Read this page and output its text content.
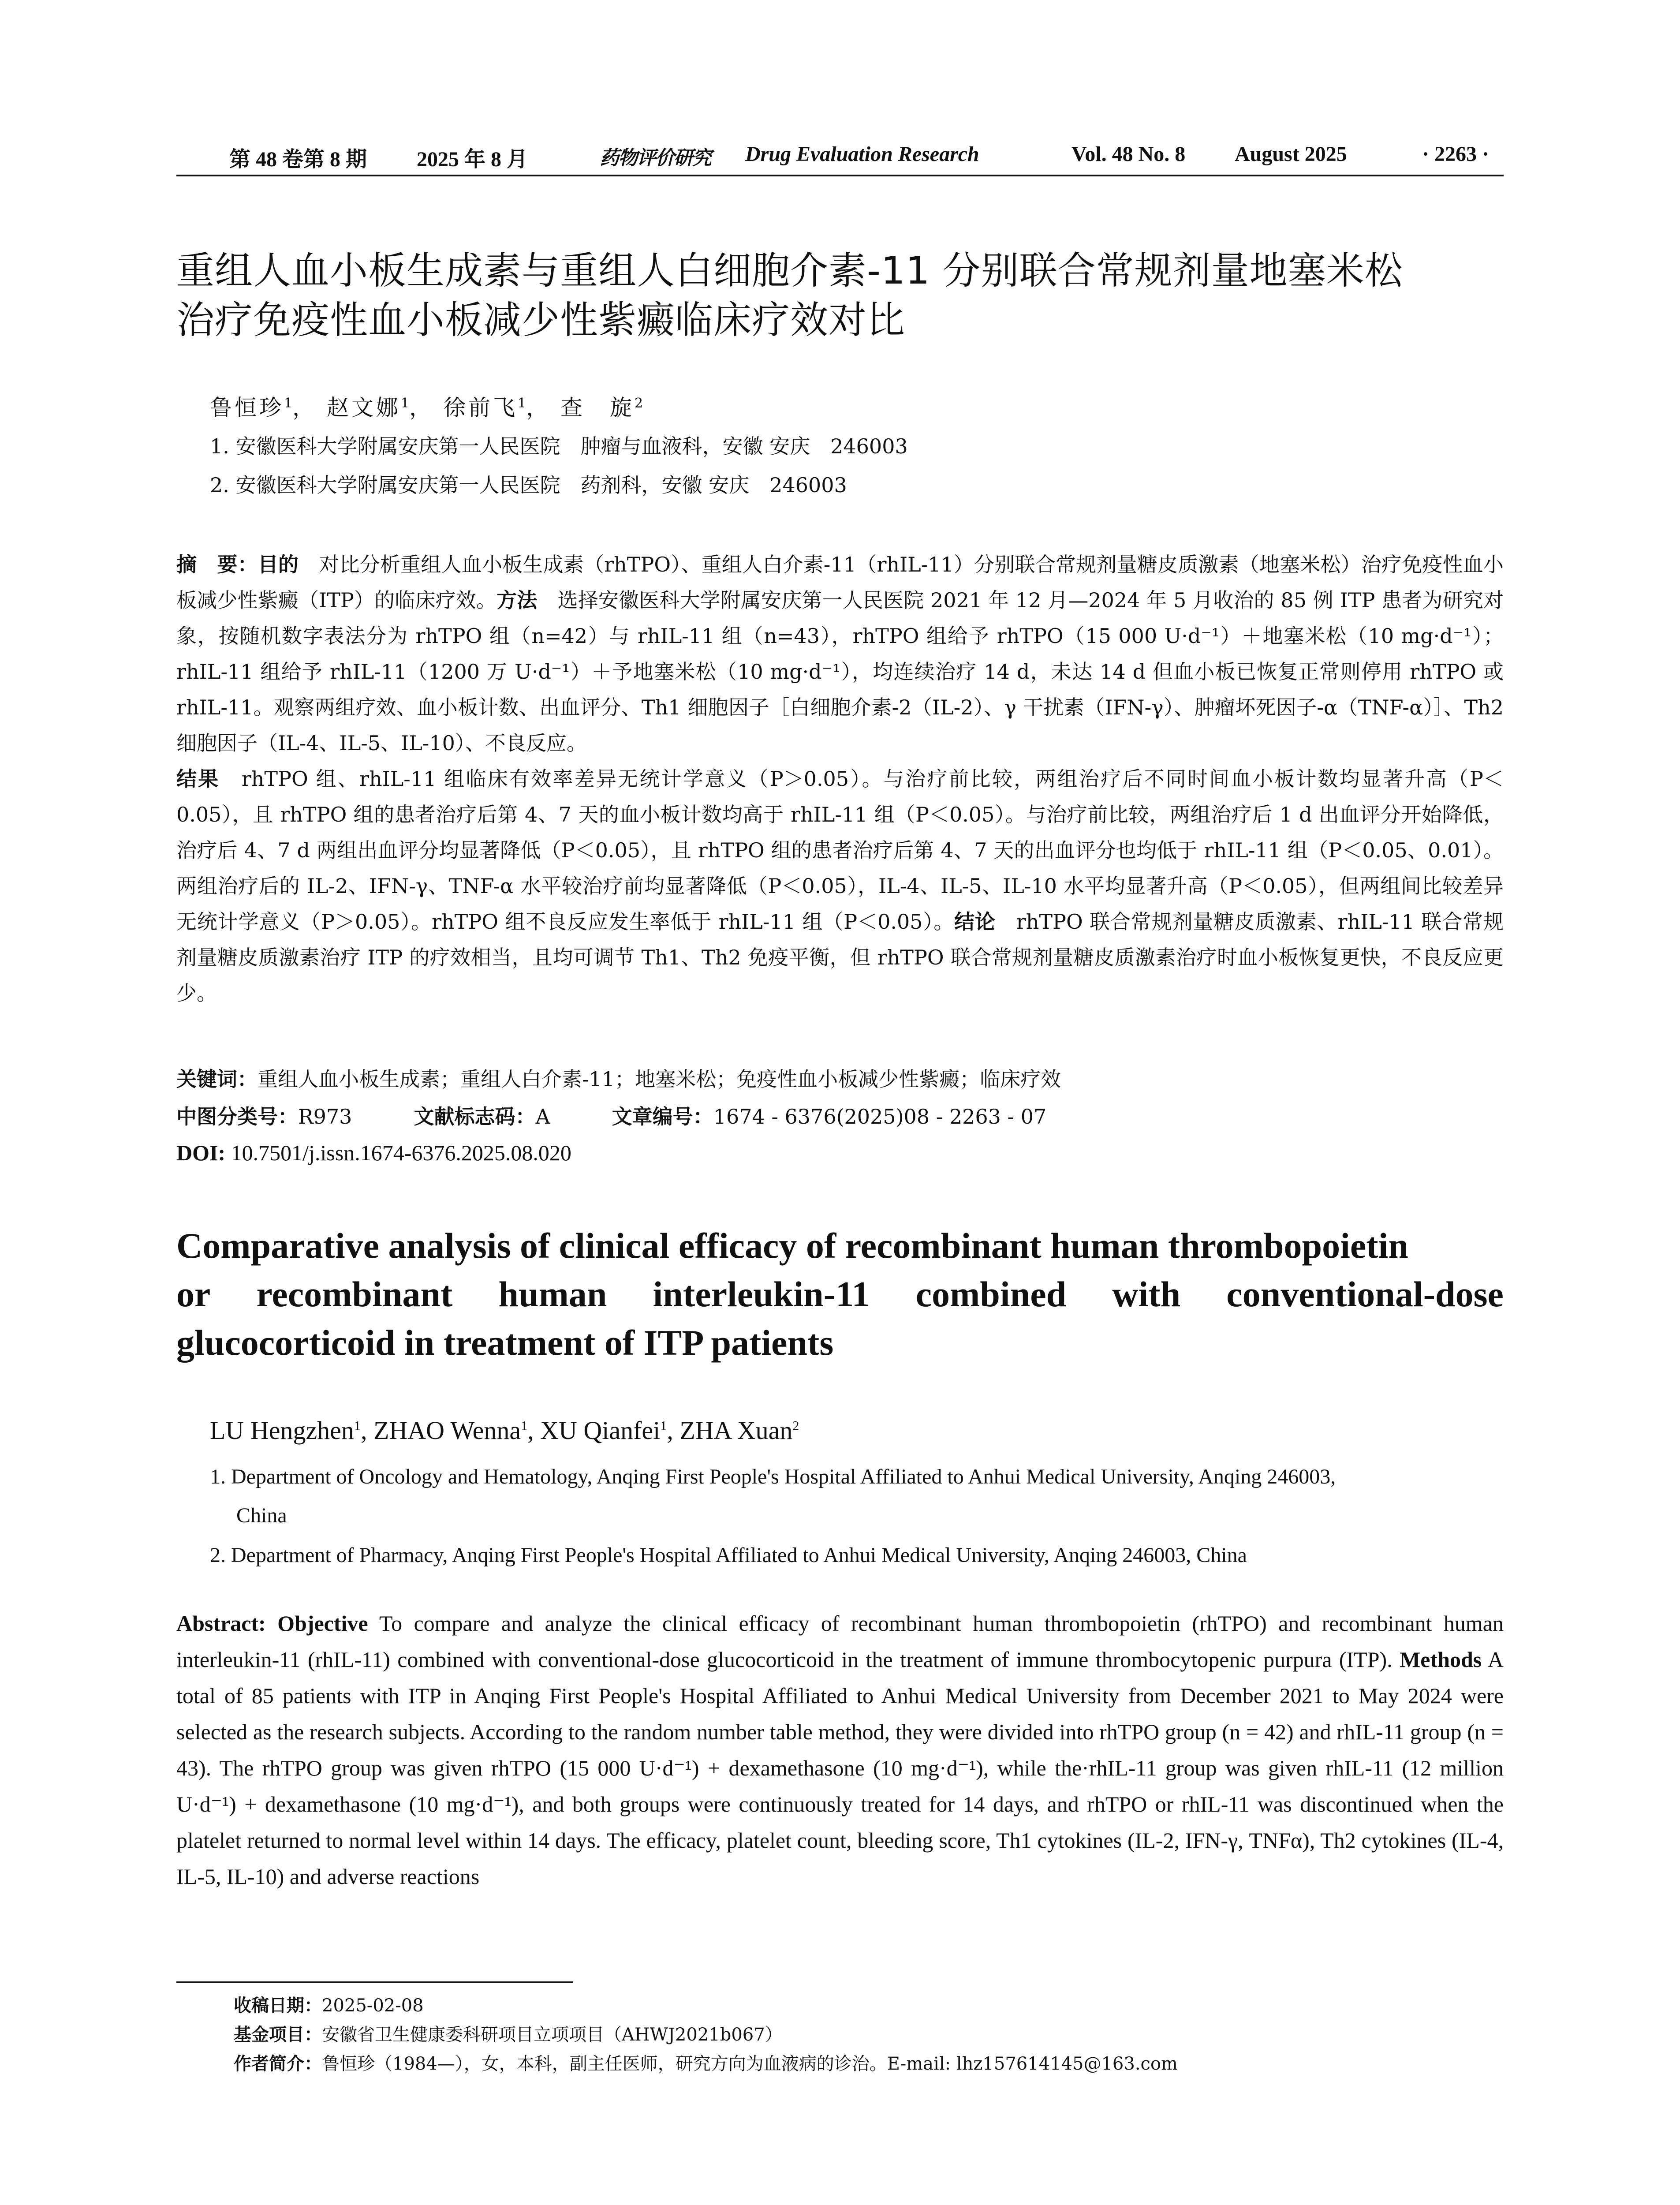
第 48 卷第 8 期 2025 年 8 月	药物评价研究 Drug Evaluation Research	Vol. 48 No. 8 August 2025	· 2263 ·
重组人血小板生成素与重组人白细胞介素-11 分别联合常规剂量地塞米松
治疗免疫性血小板减少性紫癜临床疗效对比
鲁恒珍$^1$， 赵文娜$^1$， 徐前飞$^1$， 查　旋$^2$
1. 安徽医科大学附属安庆第一人民医院　肿瘤与血液科，安徽 安庆　246003
2. 安徽医科大学附属安庆第一人民医院　药剂科，安徽 安庆　246003

摘　要：目的　对比分析重组人血小板生成素（rhTPO）、重组人白介素-11（rhIL-11）分别联合常规剂量糖皮质激素（地塞米松）治疗免疫性血小板减少性紫癜（ITP）的临床疗效。方法　选择安徽医科大学附属安庆第一人民医院 2021 年 12 月—2024 年 5 月收治的 85 例 ITP 患者为研究对象，按随机数字表法分为 rhTPO 组（n=42）与 rhIL-11 组（n=43），rhTPO 组给予 rhTPO（15 000 U·d⁻¹）＋地塞米松（10 mg·d⁻¹）；rhIL-11 组给予 rhIL-11（1200 万 U·d⁻¹）＋予地塞米松（10 mg·d⁻¹），均连续治疗 14 d，未达 14 d 但血小板已恢复正常则停用 rhTPO 或 rhIL-11。观察两组疗效、血小板计数、出血评分、Th1 细胞因子［白细胞介素-2（IL-2）、γ 干扰素（IFN-γ）、肿瘤坏死因子-α（TNF-α）］、Th2 细胞因子（IL-4、IL-5、IL-10）、不良反应。

结果　rhTPO 组、rhIL-11 组临床有效率差异无统计学意义（P＞0.05）。与治疗前比较，两组治疗后不同时间血小板计数均显著升高（P＜0.05），且 rhTPO 组的患者治疗后第 4、7 天的血小板计数均高于 rhIL-11 组（P＜0.05）。与治疗前比较，两组治疗后 1 d 出血评分开始降低，治疗后 4、7 d 两组出血评分均显著降低（P＜0.05），且 rhTPO 组的患者治疗后第 4、7 天的出血评分也均低于 rhIL-11 组（P＜0.05、0.01）。两组治疗后的 IL-2、IFN-γ、TNF-α 水平较治疗前均显著降低（P＜0.05），IL-4、IL-5、IL-10 水平均显著升高（P＜0.05），但两组间比较差异无统计学意义（P＞0.05）。rhTPO 组不良反应发生率低于 rhIL-11 组（P＜0.05）。结论　rhTPO 联合常规剂量糖皮质激素、rhIL-11 联合常规剂量糖皮质激素治疗 ITP 的疗效相当，且均可调节 Th1、Th2 免疫平衡，但 rhTPO 联合常规剂量糖皮质激素治疗时血小板恢复更快，不良反应更少。

关键词：重组人血小板生成素；重组人白介素-11；地塞米松；免疫性血小板减少性紫癜；临床疗效
中图分类号：R973	文献标志码：A	文章编号：1674 - 6376(2025)08 - 2263 - 07
DOI: 10.7501/j.issn.1674-6376.2025.08.020
Comparative analysis of clinical efficacy of recombinant human thrombopoietin
or recombinant human interleukin-11 combined with conventional-dose
glucocorticoid in treatment of ITP patients
LU Hengzhen$^1$, ZHAO Wenna$^1$, XU Qianfei$^1$, ZHA Xuan$^2$
1. Department of Oncology and Hematology, Anqing First People's Hospital Affiliated to Anhui Medical University, Anqing 246003,
China
2. Department of Pharmacy, Anqing First People's Hospital Affiliated to Anhui Medical University, Anqing 246003, China

Abstract: Objective To compare and analyze the clinical efficacy of recombinant human thrombopoietin (rhTPO) and recombinant human interleukin-11 (rhIL-11) combined with conventional-dose glucocorticoid in the treatment of immune thrombocytopenic purpura (ITP). Methods A total of 85 patients with ITP in Anqing First People's Hospital Affiliated to Anhui Medical University from December 2021 to May 2024 were selected as the research subjects. According to the random number table method, they were divided into rhTPO group (n = 42) and rhIL-11 group (n = 43). The rhTPO group was given rhTPO (15 000 U·d⁻¹) + dexamethasone (10 mg·d⁻¹), while the·rhIL-11 group was given rhIL-11 (12 million U·d⁻¹) + dexamethasone (10 mg·d⁻¹), and both groups were continuously treated for 14 days, and rhTPO or rhIL-11 was discontinued when the platelet returned to normal level within 14 days. The efficacy, platelet count, bleeding score, Th1 cytokines (IL-2, IFN-γ, TNFα), Th2 cytokines (IL-4, IL-5, IL-10) and adverse reactions

收稿日期：2025-02-08
基金项目：安徽省卫生健康委科研项目立项项目（AHWJ2021b067）
作者简介：鲁恒珍（1984—），女，本科，副主任医师，研究方向为血液病的诊治。E-mail: lhz157614145@163.com
